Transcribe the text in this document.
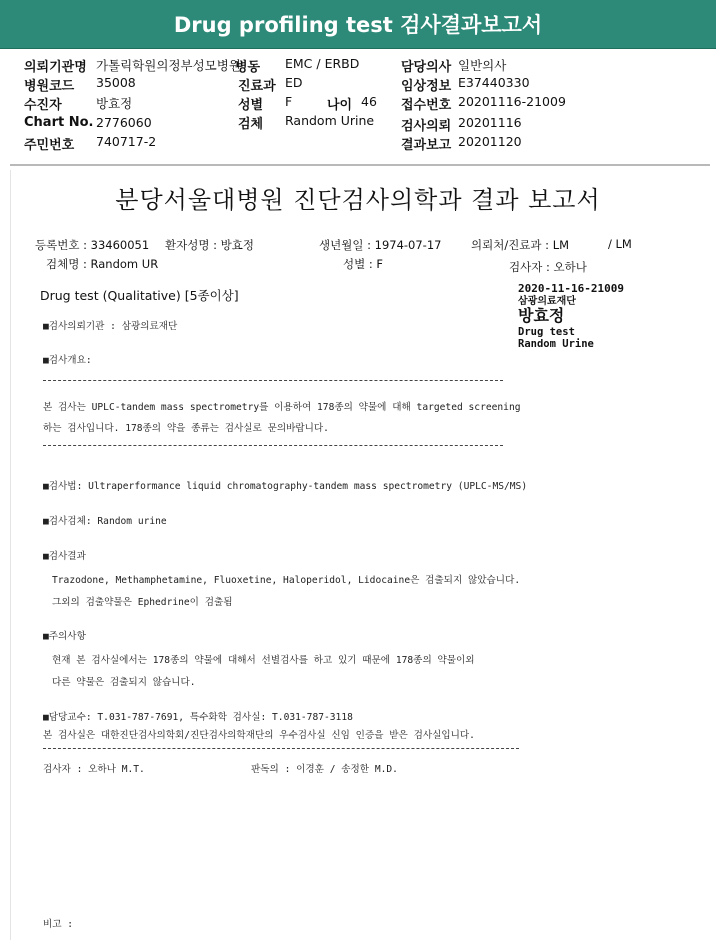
Drug profiling test 검사결과보고서
의뢰기관명 가톨릭학원의정부성모병원
병동 EMC / ERBD	담당의사 일반의사
병원코드 35008	진료과 ED	임상정보 E37440330
수진자	방효정	성별 F	나이 46 접수번호 20201116-21009
Chart No. 2776060	검체 Random Urine 검사의뢰 20201116
주민번호 740717-2	결과보고 20201120
분당서울대병원 진단검사의학과 결과 보고서
등록번호 : 33460051 환자성명 : 방효정	생년월일 : 1974-07-17	의뢰처/진료과 : LM	/ LM
검체명 : Random UR	성별 : F	검사자 : 오하나
Drug test (Qualitative) [5종이상]	2020-11-16-21009
삼광의료재단
방효정
Drug test
Random Urine
■검사의뢰기관 : 삼광의료재단
■검사개요:
본 검사는 UPLC-tandem mass spectrometry를 이용하여 178종의 약물에 대해 targeted screening
하는 검사입니다. 178종의 약을 종류는 검사실로 문의바랍니다.
■검사법: Ultraperformance liquid chromatography-tandem mass spectrometry (UPLC-MS/MS)
■검사검체: Random urine
■검사결과
Trazodone, Methamphetamine, Fluoxetine, Haloperidol, Lidocaine은 검출되지 않았습니다.
그외의 검출약물은 Ephedrine이 검출됨
■주의사항
현재 본 검사실에서는 178종의 약물에 대해서 선별검사를 하고 있기 때문에 178종의 약물이외
다른 약물은 검출되지 않습니다.
■담당교수: T.031-787-7691, 특수화학 검사실: T.031-787-3118
본 검사실은 대한진단검사의학회/진단검사의학재단의 우수검사실 신임 인증을 받은 검사실입니다.
검사자 : 오하나 M.T.	판독의 : 이경훈 / 송정한 M.D.
비고 :
